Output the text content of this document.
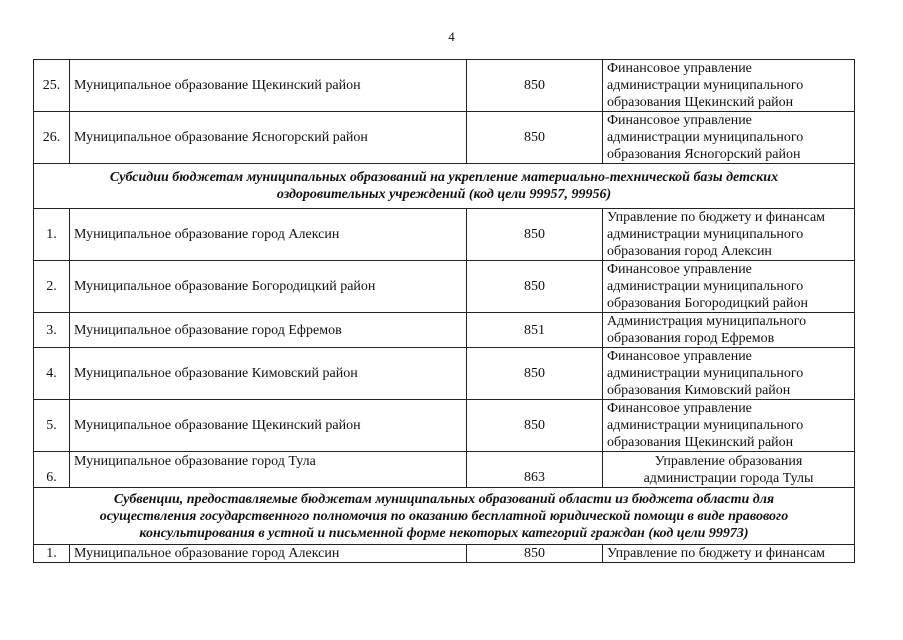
4
25.	Муниципальное образование Щекинский район	850	Финансовое управление
администрации муниципального
образования Щекинский район

26.	Муниципальное образование Ясногорский район	850	Финансовое управление
администрации муниципального
образования Ясногорский район

Субсидии бюджетам муниципальных образований на укрепление материально-технической базы детских
оздоровительных учреждений (код цели 99957, 99956)			

1.	Муниципальное образование город Алексин	850	Управление по бюджету и финансам
администрации муниципального
образования город Алексин

2.	Муниципальное образование Богородицкий район	850	Финансовое управление
администрации муниципального
образования Богородицкий район

3.	Муниципальное образование город Ефремов	851	Администрация муниципального
образования город Ефремов

4.	Муниципальное образование Кимовский район	850	Финансовое управление
администрации муниципального
образования Кимовский район

5.	Муниципальное образование Щекинский район	850	Финансовое управление
администрации муниципального
образования Щекинский район

6.	Муниципальное образование город Тула	863	Управление образования
администрации города Тулы

Субвенции, предоставляемые бюджетам муниципальных образований области из бюджета области для
осуществления государственного полномочия по оказанию бесплатной юридической помощи в виде правового
консультирования в устной и письменной форме некоторых категорий граждан (код цели 99973)			

1.	Муниципальное образование город Алексин	850	Управление по бюджету и финансам
